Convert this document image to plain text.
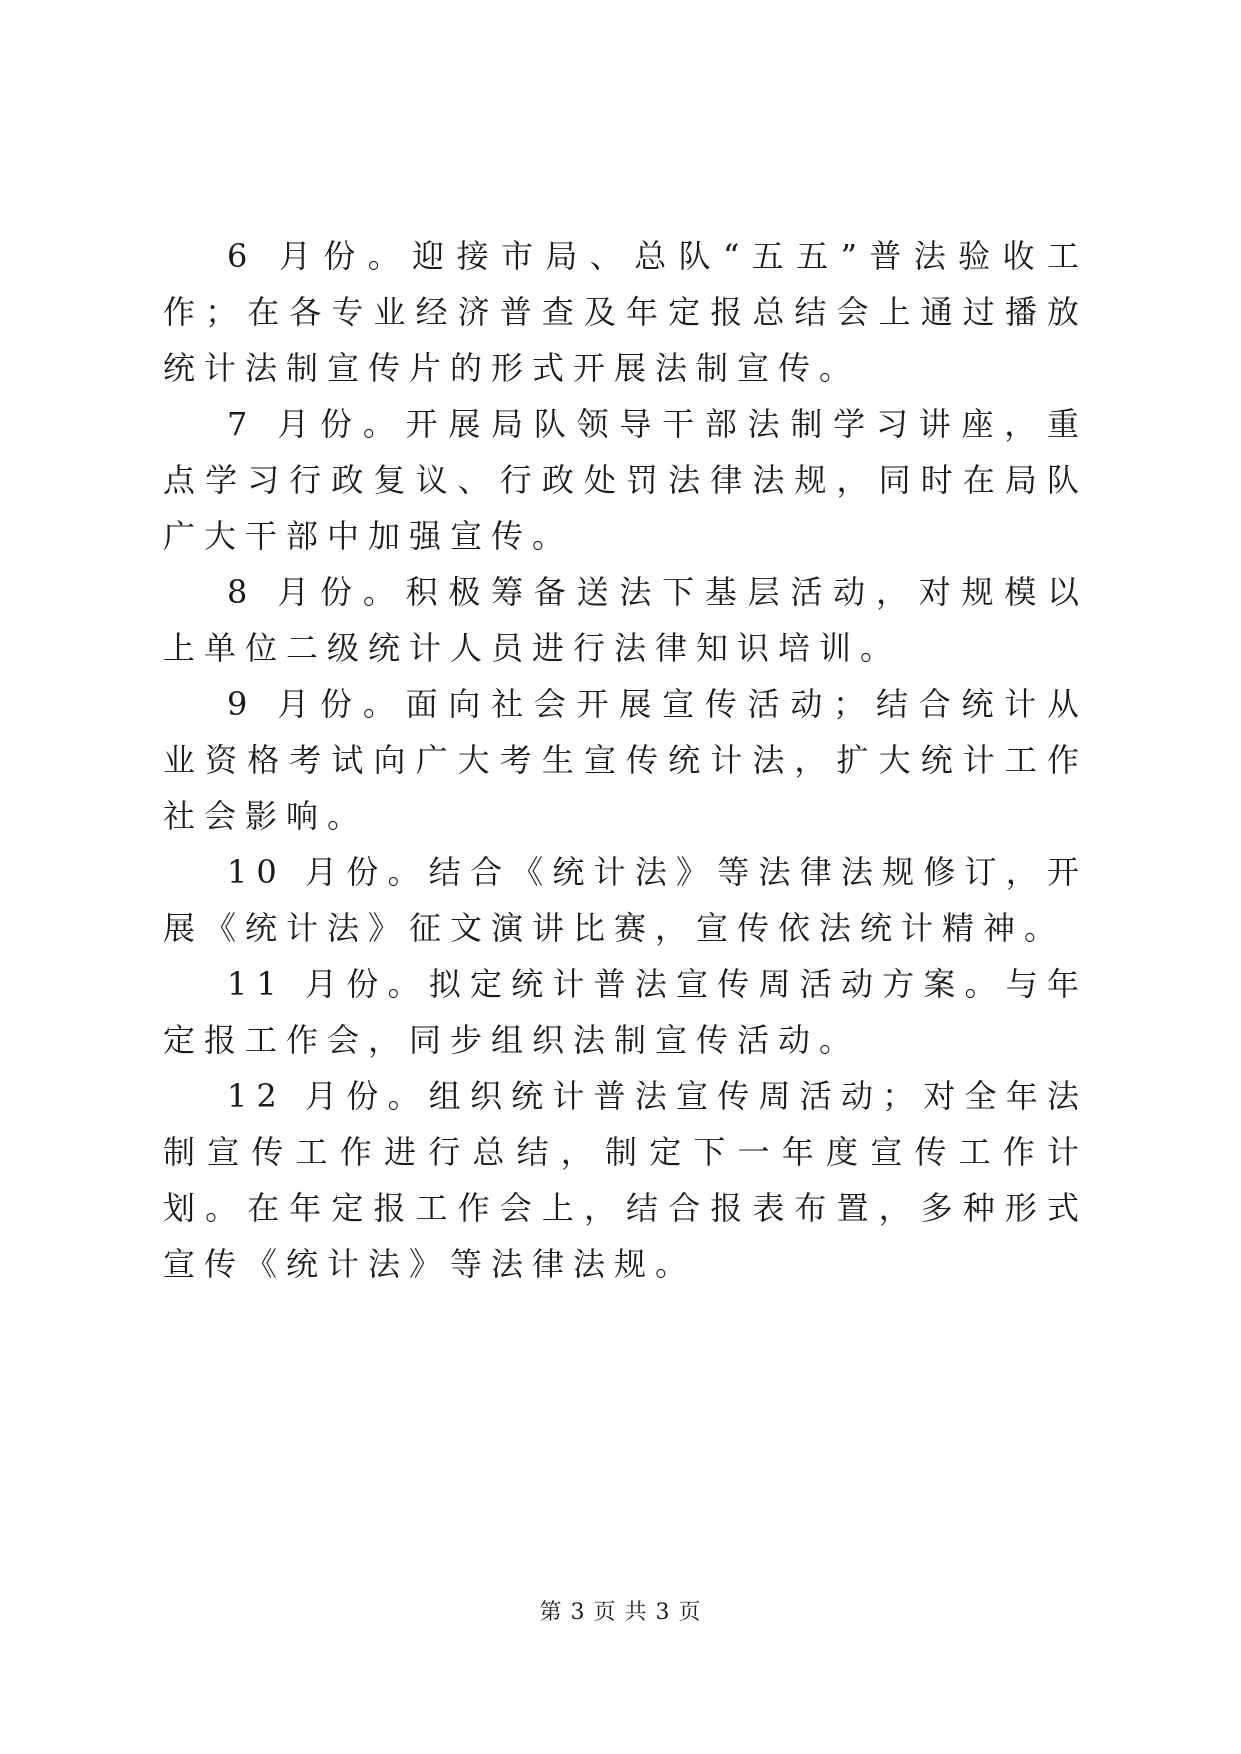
6 月份。迎接市局、总队“五五”普法验收工作；在各专业经济普查及年定报总结会上通过播放统计法制宣传片的形式开展法制宣传。

7 月份。开展局队领导干部法制学习讲座，重点学习行政复议、行政处罚法律法规，同时在局队广大干部中加强宣传。

8 月份。积极筹备送法下基层活动，对规模以上单位二级统计人员进行法律知识培训。

9 月份。面向社会开展宣传活动；结合统计从业资格考试向广大考生宣传统计法，扩大统计工作社会影响。

10 月份。结合《统计法》等法律法规修订，开展《统计法》征文演讲比赛，宣传依法统计精神。

11 月份。拟定统计普法宣传周活动方案。与年定报工作会，同步组织法制宣传活动。

12 月份。组织统计普法宣传周活动；对全年法制宣传工作进行总结，制定下一年度宣传工作计划。在年定报工作会上，结合报表布置，多种形式宣传《统计法》等法律法规。

第 3 页 共 3 页
